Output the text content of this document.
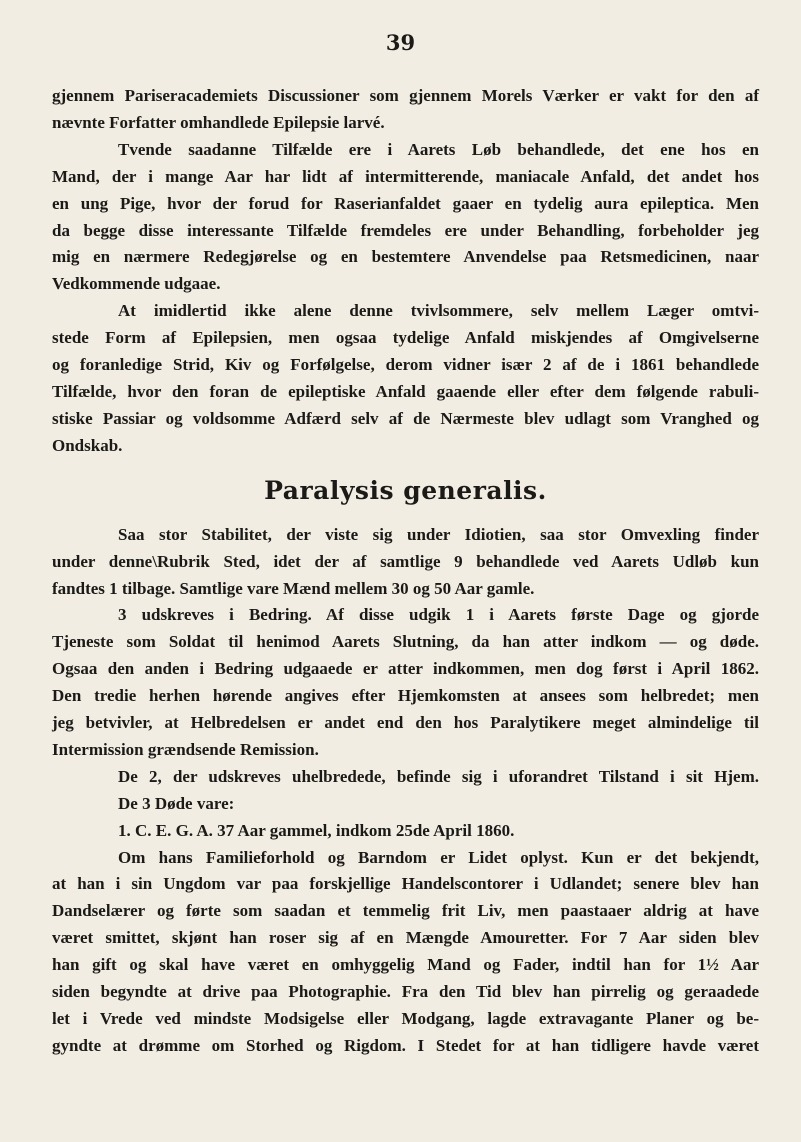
39
gjennem Pariseracademiets Discussioner som gjennem Morels Værker er vakt for den af
nævnte Forfatter omhandlede Epilepsie larvé.
Tvende saadanne Tilfælde ere i Aarets Løb behandlede, det ene hos en
Mand, der i mange Aar har lidt af intermitterende, maniacale Anfald, det andet hos
en ung Pige, hvor der forud for Raserianfaldet gaaer en tydelig aura epileptica. Men
da begge disse interessante Tilfælde fremdeles ere under Behandling, forbeholder jeg
mig en nærmere Redegjørelse og en bestemtere Anvendelse paa Retsmedicinen, naar
Vedkommende udgaae.
At imidlertid ikke alene denne tvivlsommere, selv mellem Læger omtvi-
stede Form af Epilepsien, men ogsaa tydelige Anfald miskjendes af Omgivelserne
og foranledige Strid, Kiv og Forfølgelse, derom vidner især 2 af de i 1861 behandlede
Tilfælde, hvor den foran de epileptiske Anfald gaaende eller efter dem følgende rabuli-
stiske Passiar og voldsomme Adfærd selv af de Nærmeste blev udlagt som Vranghed og
Ondskab.
Paralysis generalis.
Saa stor Stabilitet, der viste sig under Idiotien, saa stor Omvexling finder
under denne\Rubrik Sted, idet der af samtlige 9 behandlede ved Aarets Udløb kun
fandtes 1 tilbage. Samtlige vare Mænd mellem 30 og 50 Aar gamle.
3 udskreves i Bedring. Af disse udgik 1 i Aarets første Dage og gjorde
Tjeneste som Soldat til henimod Aarets Slutning, da han atter indkom — og døde.
Ogsaa den anden i Bedring udgaaede er atter indkommen, men dog først i April 1862.
Den tredie herhen hørende angives efter Hjemkomsten at ansees som helbredet; men
jeg betvivler, at Helbredelsen er andet end den hos Paralytikere meget almindelige til
Intermission grændsende Remission.
De 2, der udskreves uhelbredede, befinde sig i uforandret Tilstand i sit Hjem.
De 3 Døde vare:
1. C. E. G. A. 37 Aar gammel, indkom 25de April 1860.
Om hans Familieforhold og Barndom er Lidet oplyst. Kun er det bekjendt,
at han i sin Ungdom var paa forskjellige Handelscontorer i Udlandet; senere blev han
Dandselærer og førte som saadan et temmelig frit Liv, men paastaaer aldrig at have
været smittet, skjønt han roser sig af en Mængde Amouretter. For 7 Aar siden blev
han gift og skal have været en omhyggelig Mand og Fader, indtil han for 1½ Aar
siden begyndte at drive paa Photographie. Fra den Tid blev han pirrelig og geraadede
let i Vrede ved mindste Modsigelse eller Modgang, lagde extravagante Planer og be-
gyndte at drømme om Storhed og Rigdom. I Stedet for at han tidligere havde været
